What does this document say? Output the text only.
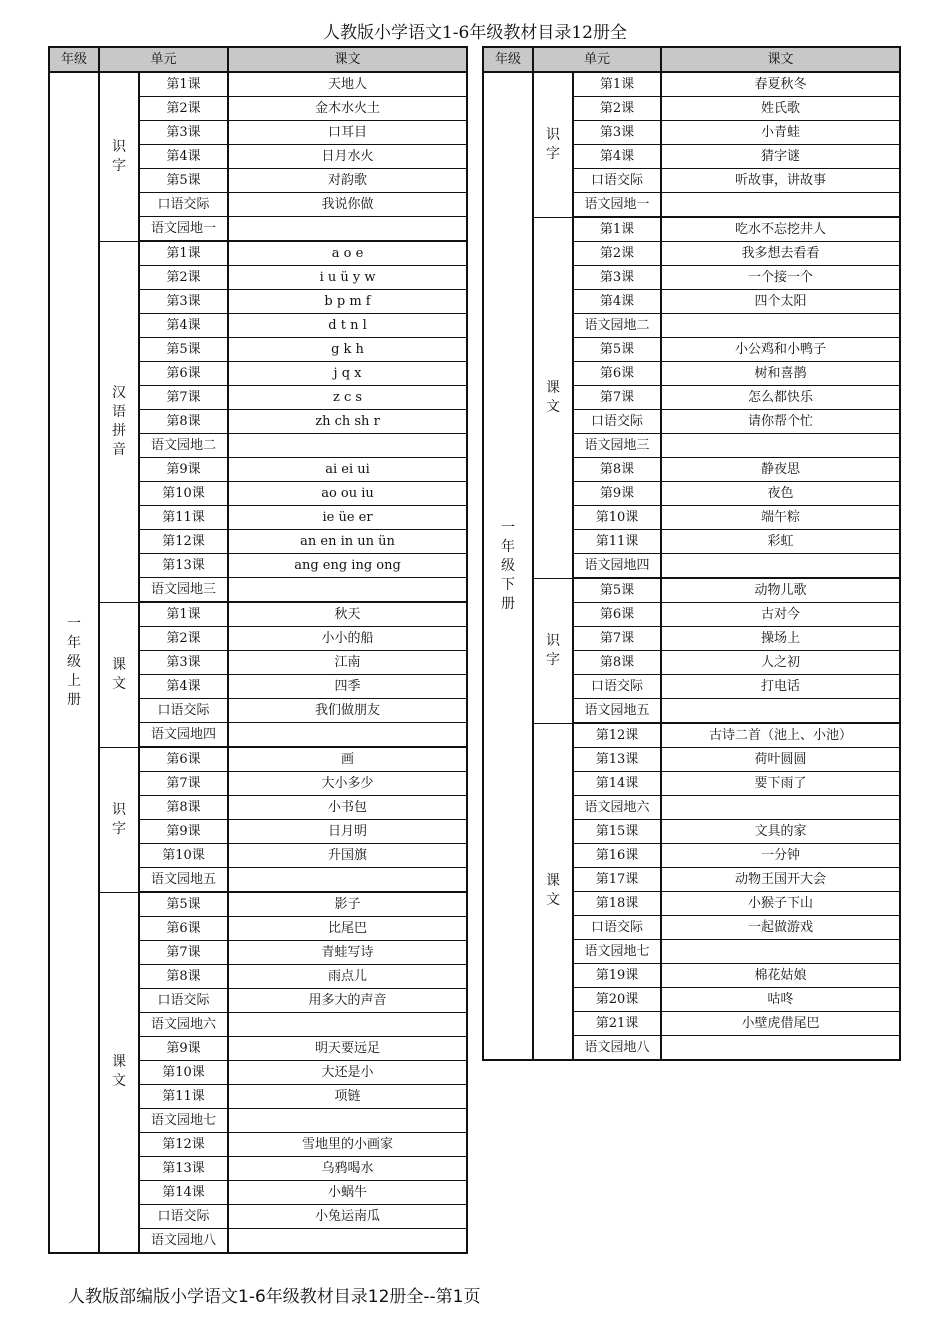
人教版小学语文1-6年级教材目录12册全
年级	单元		课文
一年级上册	识字	第1课	天地人
		第2课	金木水火土
		第3课	口耳目
		第4课	日月水火
		第5课	对韵歌
		口语交际	我说你做
		语文园地一	
	汉语拼音	第1课	a o e
		第2课	i u ü y w
		第3课	b p m f
		第4课	d t n l
		第5课	g k h
		第6课	j q x
		第7课	z c s
		第8课	zh ch sh r
		语文园地二	
		第9课	ai ei ui
		第10课	ao ou iu
		第11课	ie üe er
		第12课	an en in un ün
		第13课	ang eng ing ong
		语文园地三	
	课文	第1课	秋天
		第2课	小小的船
		第3课	江南
		第4课	四季
		口语交际	我们做朋友
		语文园地四	
	识字	第6课	画
		第7课	大小多少
		第8课	小书包
		第9课	日月明
		第10课	升国旗
		语文园地五	
	课文	第5课	影子
		第6课	比尾巴
		第7课	青蛙写诗
		第8课	雨点儿
		口语交际	用多大的声音
		语文园地六	
		第9课	明天要远足
		第10课	大还是小
		第11课	项链
		语文园地七	
		第12课	雪地里的小画家
		第13课	乌鸦喝水
		第14课	小蜗牛
		口语交际	小兔运南瓜
		语文园地八	
年级	单元		课文
一年级下册	识字	第1课	春夏秋冬
		第2课	姓氏歌
		第3课	小青蛙
		第4课	猜字谜
		口语交际	听故事，讲故事
		语文园地一	
	课文	第1课	吃水不忘挖井人
		第2课	我多想去看看
		第3课	一个接一个
		第4课	四个太阳
		语文园地二	
		第5课	小公鸡和小鸭子
		第6课	树和喜鹊
		第7课	怎么都快乐
		口语交际	请你帮个忙
		语文园地三	
		第8课	静夜思
		第9课	夜色
		第10课	端午粽
		第11课	彩虹
		语文园地四	
	识字	第5课	动物儿歌
		第6课	古对今
		第7课	操场上
		第8课	人之初
		口语交际	打电话
		语文园地五	
	课文	第12课	古诗二首（池上、小池）
		第13课	荷叶圆圆
		第14课	要下雨了
		语文园地六	
		第15课	文具的家
		第16课	一分钟
		第17课	动物王国开大会
		第18课	小猴子下山
		口语交际	一起做游戏
		语文园地七	
		第19课	棉花姑娘
		第20课	咕咚
		第21课	小壁虎借尾巴
		语文园地八	
人教版部编版小学语文1-6年级教材目录12册全--第1页
